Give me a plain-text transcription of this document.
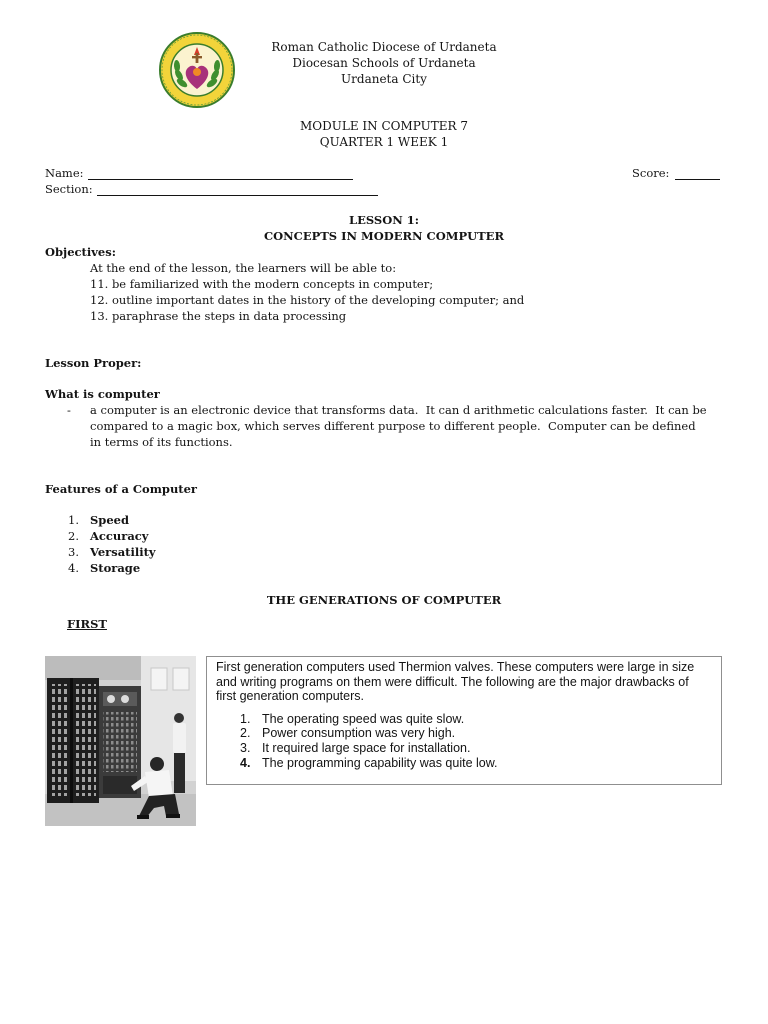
Roman Catholic Diocese of Urdaneta
Diocesan Schools of Urdaneta
Urdaneta City
MODULE IN COMPUTER 7
QUARTER 1 WEEK 1
Name:	Score:
Section:
LESSON 1:
CONCEPTS IN MODERN COMPUTER
Objectives:
At the end of the lesson, the learners will be able to:
11. be familiarized with the modern concepts in computer;
12. outline important dates in the history of the developing computer; and
13. paraphrase the steps in data processing
Lesson Proper:
What is computer
- a computer is an electronic device that transforms data.  It can d arithmetic calculations faster.  It can be
compared to a magic box, which serves different purpose to different people.  Computer can be defined
in terms of its functions.
Features of a Computer
1. Speed
2. Accuracy
3. Versatility
4. Storage
THE GENERATIONS OF COMPUTER
FIRST
First generation computers used Thermion valves. These computers were large in size
and writing programs on them were difficult. The following are the major drawbacks of
first generation computers.
1. The operating speed was quite slow.
2. Power consumption was very high.
3. It required large space for installation.
4. The programming capability was quite low.
